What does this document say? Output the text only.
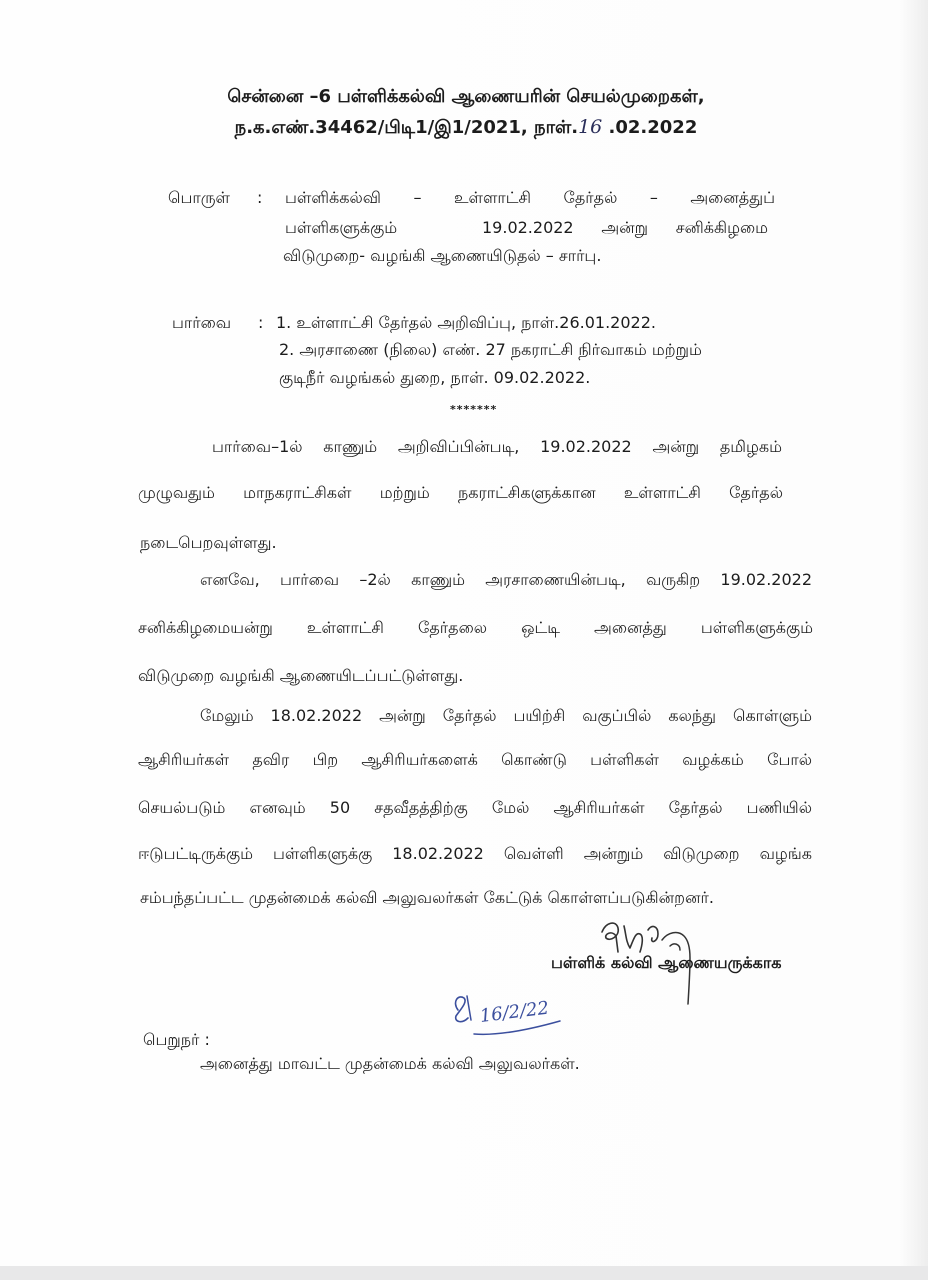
சென்னை –6 பள்ளிக்கல்வி ஆணையரின் செயல்முறைகள்,
ந.க.எண்.34462/பிடி1/இ1/2021, நாள்.16 .02.2022
பொருள் : பள்ளிக்கல்வி – உள்ளாட்சி தேர்தல் – அனைத்துப்
பள்ளிகளுக்கும்	19.02.2022 அன்று சனிக்கிழமை
விடுமுறை- வழங்கி ஆணையிடுதல் – சார்பு.
பார்வை : 1. உள்ளாட்சி தேர்தல் அறிவிப்பு, நாள்.26.01.2022.
2. அரசாணை (நிலை) எண். 27 நகராட்சி நிர்வாகம் மற்றும்
குடிநீர் வழங்கல் துறை, நாள். 09.02.2022.
*******
பார்வை–1ல் காணும் அறிவிப்பின்படி, 19.02.2022 அன்று தமிழகம்
முழுவதும் மாநகராட்சிகள் மற்றும் நகராட்சிகளுக்கான உள்ளாட்சி தேர்தல்
நடைபெறவுள்ளது.
எனவே, பார்வை –2ல் காணும் அரசாணையின்படி, வருகிற 19.02.2022
சனிக்கிழமையன்று உள்ளாட்சி தேர்தலை ஒட்டி அனைத்து பள்ளிகளுக்கும்
விடுமுறை வழங்கி ஆணையிடப்பட்டுள்ளது.
மேலும் 18.02.2022 அன்று தேர்தல் பயிற்சி வகுப்பில் கலந்து கொள்ளும்
ஆசிரியர்கள் தவிர பிற ஆசிரியர்களைக் கொண்டு பள்ளிகள் வழக்கம் போல்
செயல்படும் எனவும் 50 சதவீதத்திற்கு மேல் ஆசிரியர்கள் தேர்தல் பணியில்
ஈடுபட்டிருக்கும் பள்ளிகளுக்கு 18.02.2022 வெள்ளி அன்றும் விடுமுறை வழங்க
சம்பந்தப்பட்ட முதன்மைக் கல்வி அலுவலர்கள் கேட்டுக் கொள்ளப்படுகின்றனர்.
பள்ளிக் கல்வி ஆணையருக்காக
16/2/22
பெறுநர் :
அனைத்து மாவட்ட முதன்மைக் கல்வி அலுவலர்கள்.
